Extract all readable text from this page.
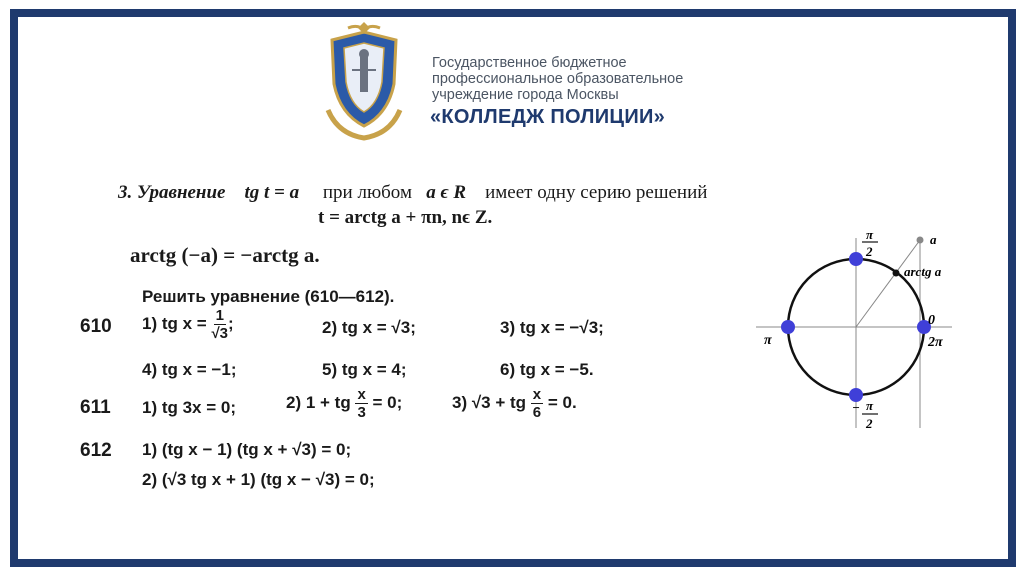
Государственное бюджетное
профессиональное образовательное
учреждение города Москвы
«КОЛЛЕДЖ ПОЛИЦИИ»
3. Уравнение tg t = a при любом a ϵ R имеет одну серию решений
t = arctg a + πn, nϵ Z.
arctg (−a) = −arctg a.
Решить уравнение (610—612).
610 1) tg $x = \frac{1}{√3}$ ;	2) tg x = √3;	3) tg x = −√3;
4) tg x = −1;	5) tg x = 4;	6) tg x = −5.
611 1) tg 3x = 0;	2) 1 + tg $\frac{x}{3} = 0$;	3) √3 + tg $\frac{x}{6} = 0$.
612 1) (tg x − 1) (tg x + √3) = 0;
2) (√3 tg x + 1) (tg x − √3) = 0;
a
arctg a
0
2π
π
π
2
− π
2
